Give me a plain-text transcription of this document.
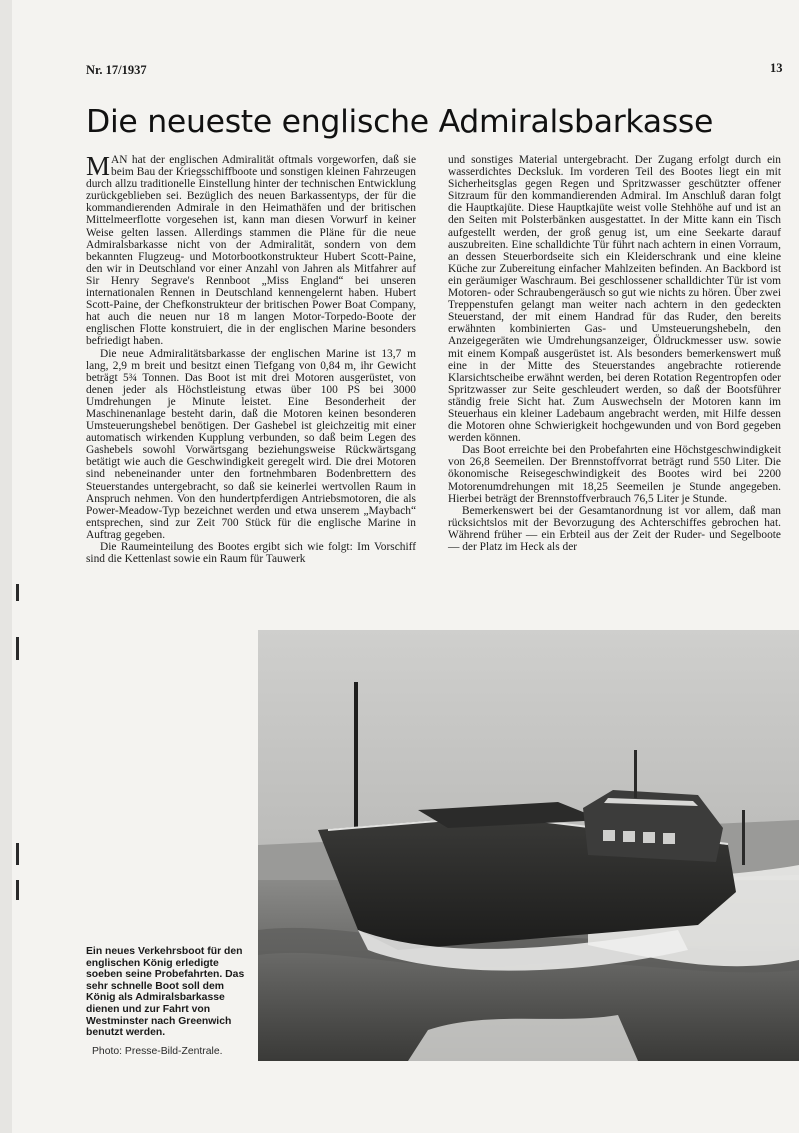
Nr. 17/1937	13
Die neueste englische Admiralsbarkasse

MAN hat der englischen Admiralität oftmals vorgeworfen, daß sie beim Bau der Kriegsschiffboote und sonstigen kleinen Fahrzeugen durch allzu traditionelle Einstellung hinter der technischen Entwicklung zurückgeblieben sei. Bezüglich des neuen Barkassentyps, der für die kommandierenden Admirale in den Heimathäfen und der britischen Mittelmeerflotte vorgesehen ist, kann man diesen Vorwurf in keiner Weise gelten lassen. Allerdings stammen die Pläne für die neue Admiralsbarkasse nicht von der Admiralität, sondern von dem bekannten Flugzeug- und Motorbootkonstrukteur Hubert Scott-Paine, den wir in Deutschland vor einer Anzahl von Jahren als Mitfahrer auf Sir Henry Segrave's Rennboot „Miss England“ bei unseren internationalen Rennen in Deutschland kennengelernt haben. Hubert Scott-Paine, der Chefkonstrukteur der britischen Power Boat Company, hat auch die neuen nur 18 m langen Motor-Torpedo-Boote der englischen Flotte konstruiert, die in der englischen Marine besonders befriedigt haben.

Die neue Admiralitätsbarkasse der englischen Marine ist 13,7 m lang, 2,9 m breit und besitzt einen Tiefgang von 0,84 m, ihr Gewicht beträgt 5¾ Tonnen. Das Boot ist mit drei Motoren ausgerüstet, von denen jeder als Höchstleistung etwas über 100 PS bei 3000 Umdrehungen je Minute leistet. Eine Besonderheit der Maschinenanlage besteht darin, daß die Motoren keinen besonderen Umsteuerungshebel benötigen. Der Gashebel ist gleichzeitig mit einer automatisch wirkenden Kupplung verbunden, so daß beim Legen des Gashebels sowohl Vorwärtsgang beziehungsweise Rückwärtsgang betätigt wie auch die Geschwindigkeit geregelt wird. Die drei Motoren sind nebeneinander unter den fortnehmbaren Bodenbrettern des Steuerstandes untergebracht, so daß sie keinerlei wertvollen Raum in Anspruch nehmen. Von den hundertpferdigen Antriebsmotoren, die als Power-Meadow-Typ bezeichnet werden und etwa unserem „Maybach“ entsprechen, sind zur Zeit 700 Stück für die englische Marine in Auftrag gegeben.

Die Raumeinteilung des Bootes ergibt sich wie folgt: Im Vorschiff sind die Kettenlast sowie ein Raum für Tauwerk

und sonstiges Material untergebracht. Der Zugang erfolgt durch ein wasserdichtes Decksluk. Im vorderen Teil des Bootes liegt ein mit Sicherheitsglas gegen Regen und Spritzwasser geschützter offener Sitzraum für den kommandierenden Admiral. Im Anschluß daran folgt die Hauptkajüte. Diese Hauptkajüte weist volle Stehhöhe auf und ist an den Seiten mit Polsterbänken ausgestattet. In der Mitte kann ein Tisch aufgestellt werden, der groß genug ist, um eine Seekarte darauf auszubreiten. Eine schalldichte Tür führt nach achtern in einen Vorraum, an dessen Steuerbordseite sich ein Kleiderschrank und eine kleine Küche zur Zubereitung einfacher Mahlzeiten befinden. An Backbord ist ein geräumiger Waschraum. Bei geschlossener schalldichter Tür ist vom Motoren- oder Schraubengeräusch so gut wie nichts zu hören. Über zwei Treppenstufen gelangt man weiter nach achtern in den gedeckten Steuerstand, der mit einem Handrad für das Ruder, den bereits erwähnten kombinierten Gas- und Umsteuerungshebeln, den Anzeigegeräten wie Umdrehungsanzeiger, Öldruckmesser usw. sowie mit einem Kompaß ausgerüstet ist. Als besonders bemerkenswert muß eine in der Mitte des Steuerstandes angebrachte rotierende Klarsichtscheibe erwähnt werden, bei deren Rotation Regentropfen oder Spritzwasser zur Seite geschleudert werden, so daß der Bootsführer ständig freie Sicht hat. Zum Auswechseln der Motoren kann im Steuerhaus ein kleiner Ladebaum angebracht werden, mit Hilfe dessen die Motoren ohne Schwierigkeit hochgewunden und von Bord gegeben werden können.

Das Boot erreichte bei den Probefahrten eine Höchstgeschwindigkeit von 26,8 Seemeilen. Der Brennstoffvorrat beträgt rund 550 Liter. Die ökonomische Reisegeschwindigkeit des Bootes wird bei 2200 Motorenumdrehungen mit 18,25 Seemeilen je Stunde angegeben. Hierbei beträgt der Brennstoffverbrauch 76,5 Liter je Stunde.

Bemerkenswert bei der Gesamtanordnung ist vor allem, daß man rücksichtslos mit der Bevorzugung des Achterschiffes gebrochen hat. Während früher — ein Erbteil aus der Zeit der Ruder- und Segelboote — der Platz im Heck als der

Ein neues Verkehrsboot für den englischen König erledigte soeben seine Probefahrten. Das sehr schnelle Boot soll dem König als Admiralsbarkasse dienen und zur Fahrt von Westminster nach Greenwich benutzt werden.
Photo: Presse-Bild-Zentrale.
